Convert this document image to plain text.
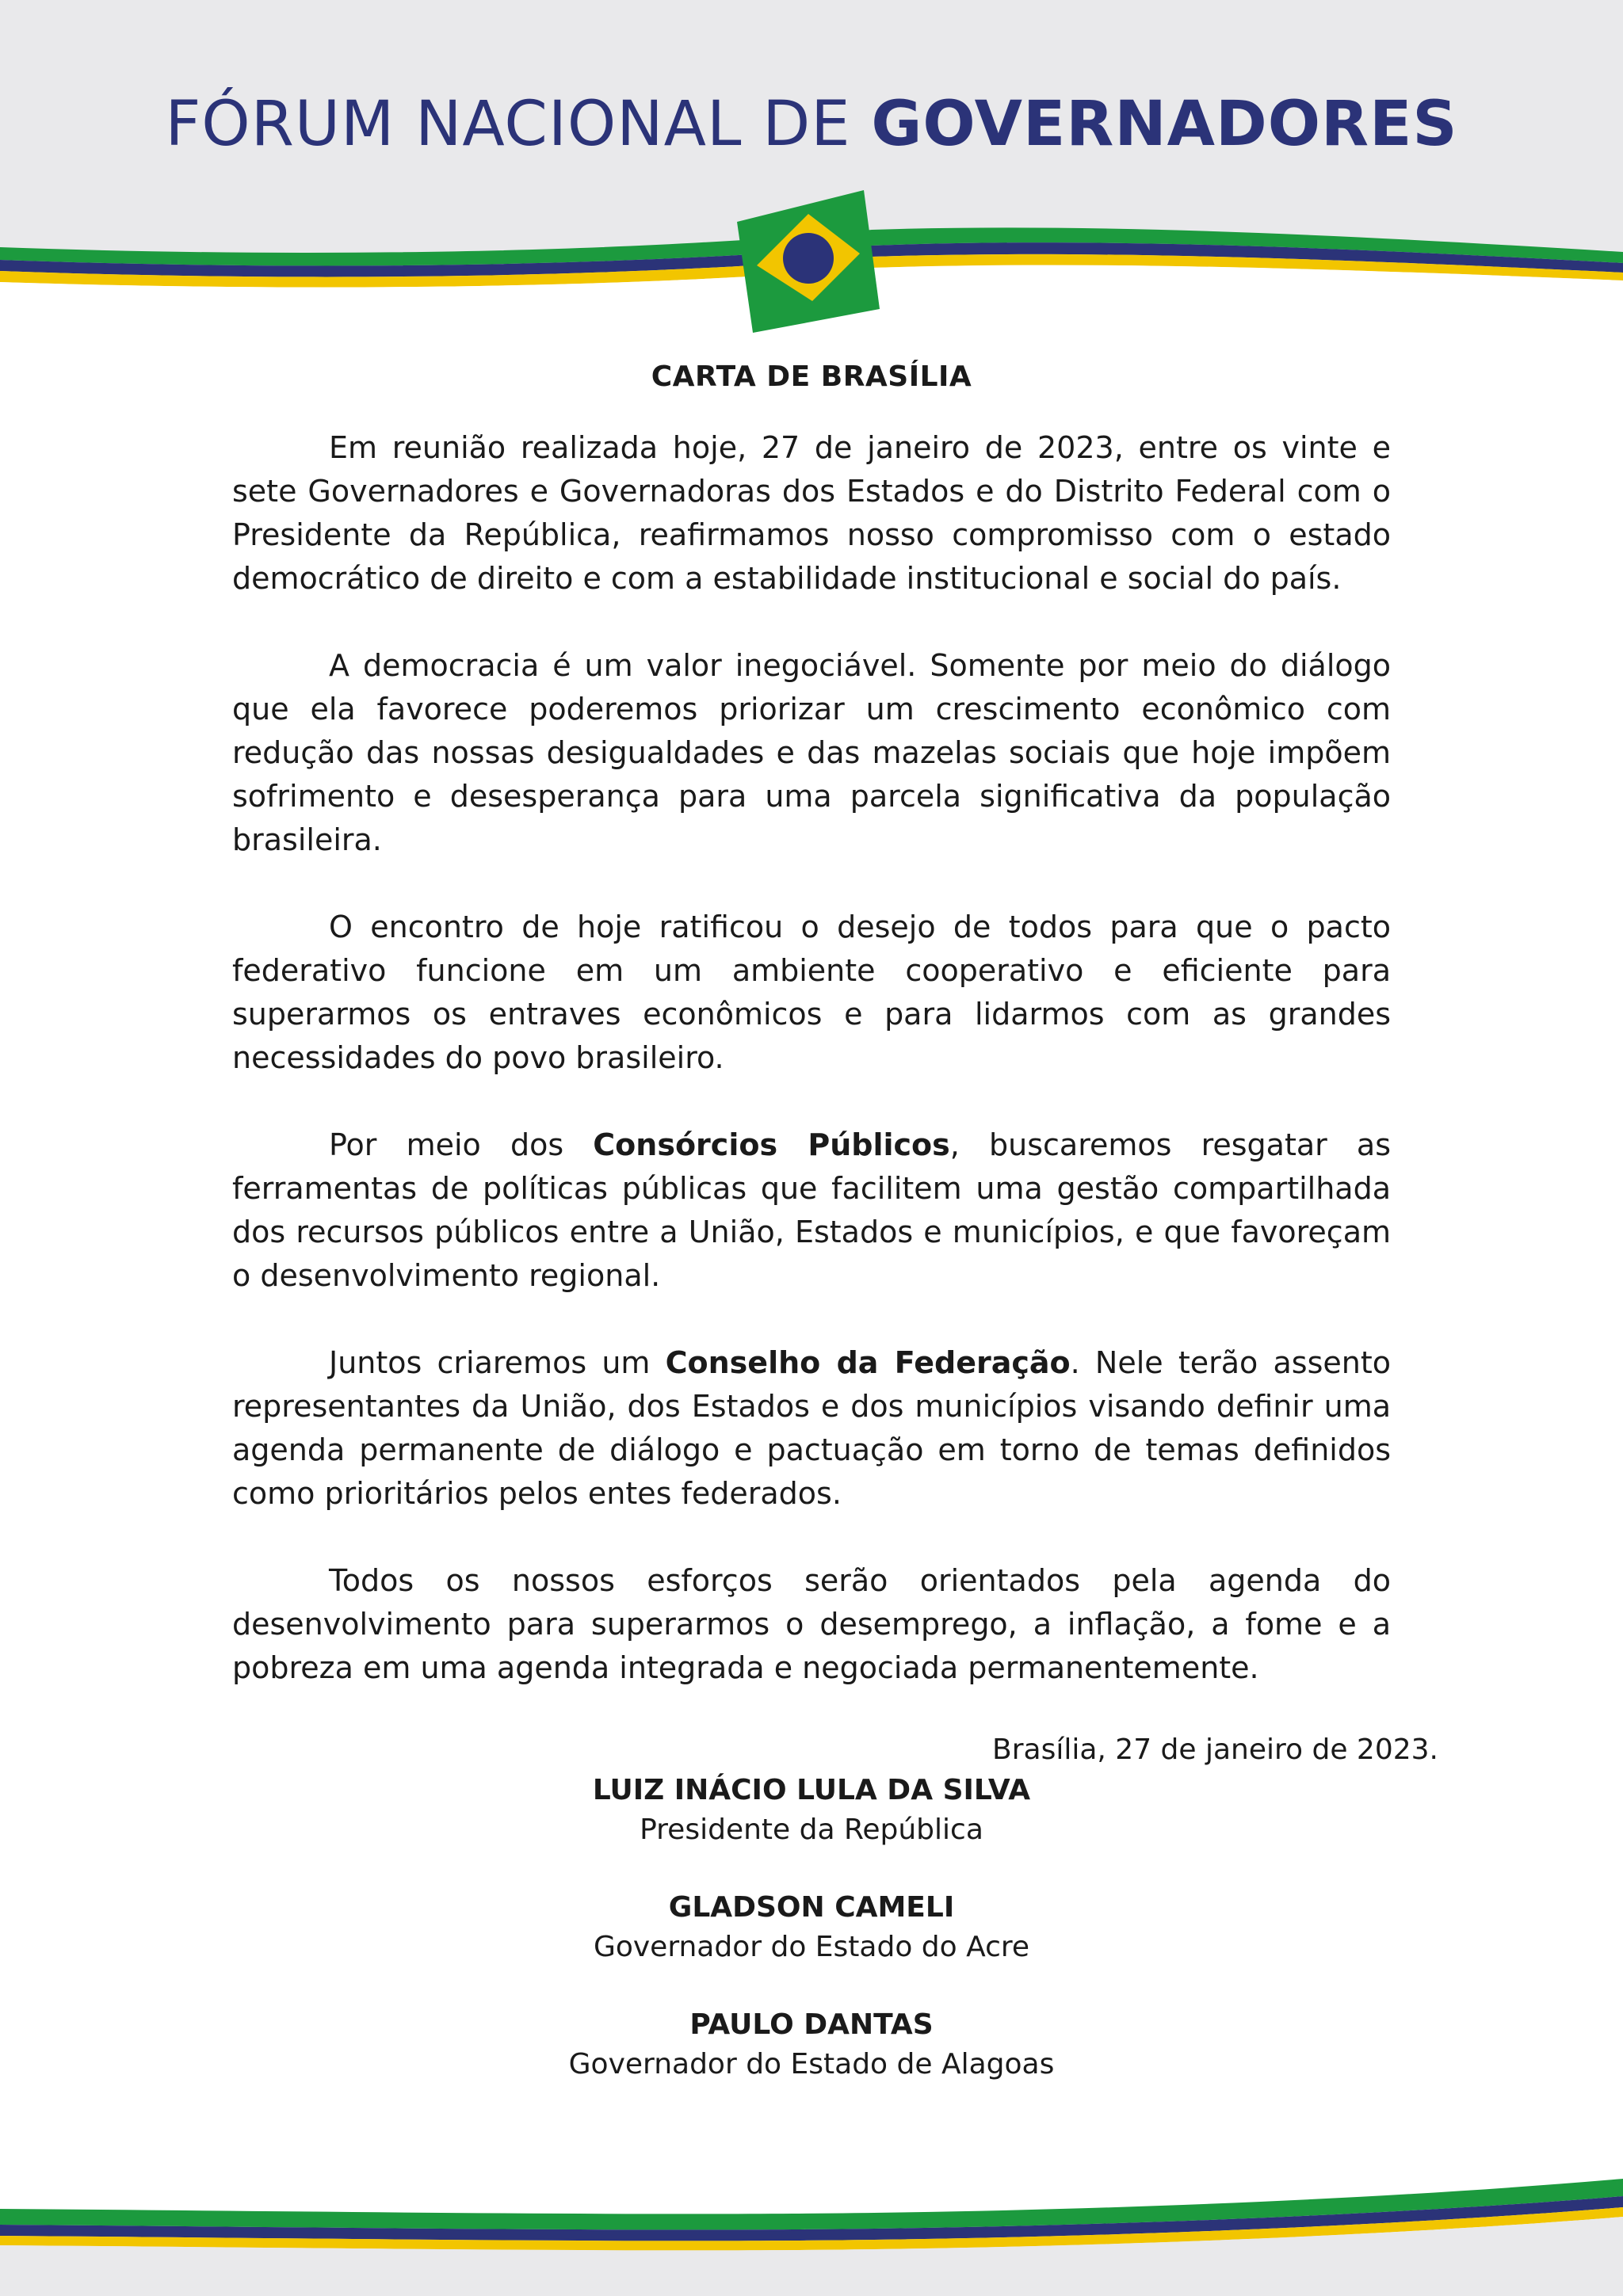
FÓRUM NACIONAL DE GOVERNADORES
CARTA DE BRASÍLIA

Em reunião realizada hoje, 27 de janeiro de 2023, entre os vinte e sete Governadores e Governadoras dos Estados e do Distrito Federal com o Presidente da República, reafirmamos nosso compromisso com o estado democrático de direito e com a estabilidade institucional e social do país.

A democracia é um valor inegociável. Somente por meio do diálogo que ela favorece poderemos priorizar um crescimento econômico com redução das nossas desigualdades e das mazelas sociais que hoje impõem sofrimento e desesperança para uma parcela significativa da população brasileira.

O encontro de hoje ratificou o desejo de todos para que o pacto federativo funcione em um ambiente cooperativo e eficiente para superarmos os entraves econômicos e para lidarmos com as grandes necessidades do povo brasileiro.

Por meio dos Consórcios Públicos, buscaremos resgatar as ferramentas de políticas públicas que facilitem uma gestão compartilhada dos recursos públicos entre a União, Estados e municípios, e que favoreçam o desenvolvimento regional.

Juntos criaremos um Conselho da Federação. Nele terão assento representantes da União, dos Estados e dos municípios visando definir uma agenda permanente de diálogo e pactuação em torno de temas definidos como prioritários pelos entes federados.

Todos os nossos esforços serão orientados pela agenda do desenvolvimento para superarmos o desemprego, a inflação, a fome e a pobreza em uma agenda integrada e negociada permanentemente.

Brasília, 27 de janeiro de 2023.
LUIZ INÁCIO LULA DA SILVA
Presidente da República
GLADSON CAMELI
Governador do Estado do Acre
PAULO DANTAS
Governador do Estado de Alagoas
